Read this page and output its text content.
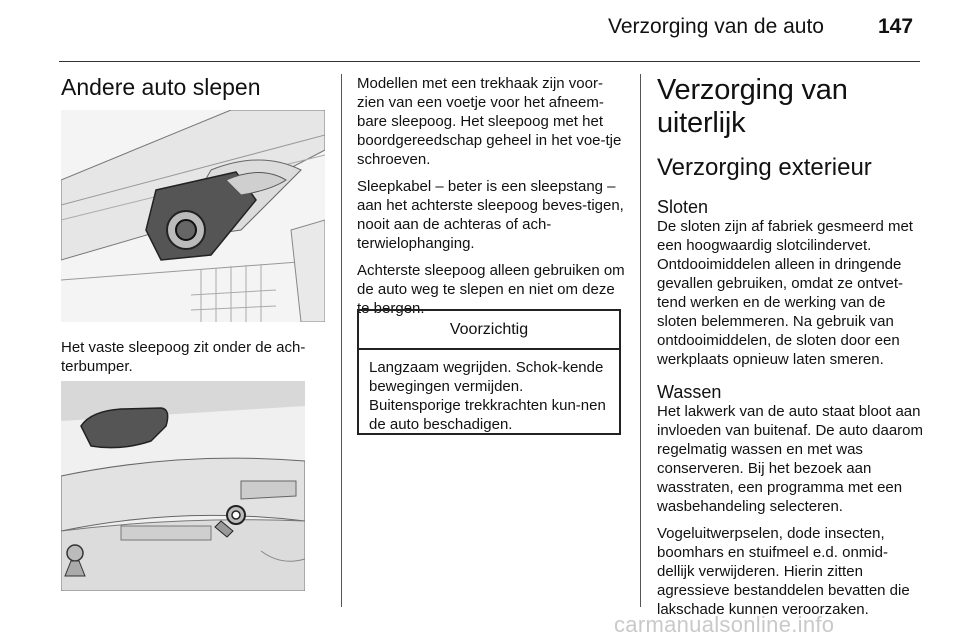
Verzorging van de auto	147
Andere auto slepen
Het vaste sleepoog zit onder de ach-terbumper.

Modellen met een trekhaak zijn voor-zien van een voetje voor het afneem-bare sleepoog. Het sleepoog met het boordgereedschap geheel in het voe-tje schroeven.

Sleepkabel – beter is een sleepstang – aan het achterste sleepoog beves-tigen, nooit aan de achteras of ach-terwielophanging.

Achterste sleepoog alleen gebruiken om de auto weg te slepen en niet om deze te bergen.

Voorzichtig
Langzaam wegrijden. Schok-kende bewegingen vermijden. Buitensporige trekkrachten kun-nen de auto beschadigen.
Verzorging van uiterlijk
Verzorging exterieur
Sloten

De sloten zijn af fabriek gesmeerd met een hoogwaardig slotcilindervet. Ontdooimiddelen alleen in dringende gevallen gebruiken, omdat ze ontvet-tend werken en de werking van de sloten belemmeren. Na gebruik van ontdooimiddelen, de sloten door een werkplaats opnieuw laten smeren.

Wassen

Het lakwerk van de auto staat bloot aan invloeden van buitenaf. De auto daarom regelmatig wassen en met was conserveren. Bij het bezoek aan wasstraten, een programma met een wasbehandeling selecteren.

Vogeluitwerpselen, dode insecten, boomhars en stuifmeel e.d. onmid-dellijk verwijderen. Hierin zitten agressieve bestanddelen bevatten die lakschade kunnen veroorzaken.

carmanualsonline.info
